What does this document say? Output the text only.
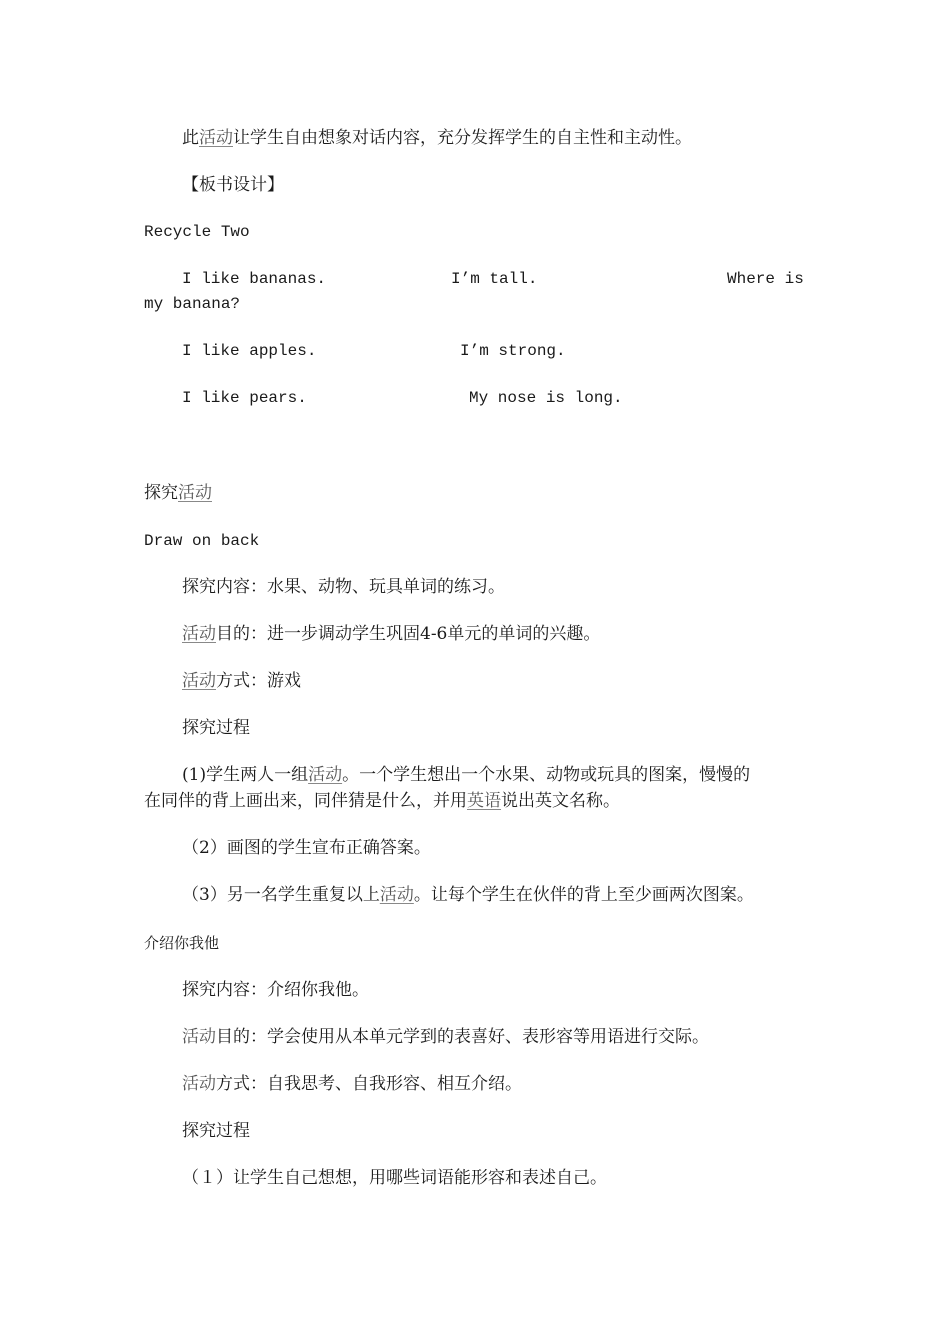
此活动让学生自由想象对话内容，充分发挥学生的自主性和主动性。
【板书设计】
Recycle Two
I like bananas.	I’m tall.	Where is
my banana?
I like apples.	I’m strong.
I like pears.	My nose is long.
探究活动
Draw on back
探究内容：水果、动物、玩具单词的练习。
活动目的：进一步调动学生巩固4-6单元的单词的兴趣。
活动方式：游戏
探究过程
(1)学生两人一组活动。一个学生想出一个水果、动物或玩具的图案，慢慢的
在同伴的背上画出来，同伴猜是什么，并用英语说出英文名称。
（2）画图的学生宣布正确答案。
（3）另一名学生重复以上活动。让每个学生在伙伴的背上至少画两次图案。
介绍你我他
探究内容：介绍你我他。
活动目的：学会使用从本单元学到的表喜好、表形容等用语进行交际。
活动方式：自我思考、自我形容、相互介绍。
探究过程
（１）让学生自己想想，用哪些词语能形容和表述自己。
